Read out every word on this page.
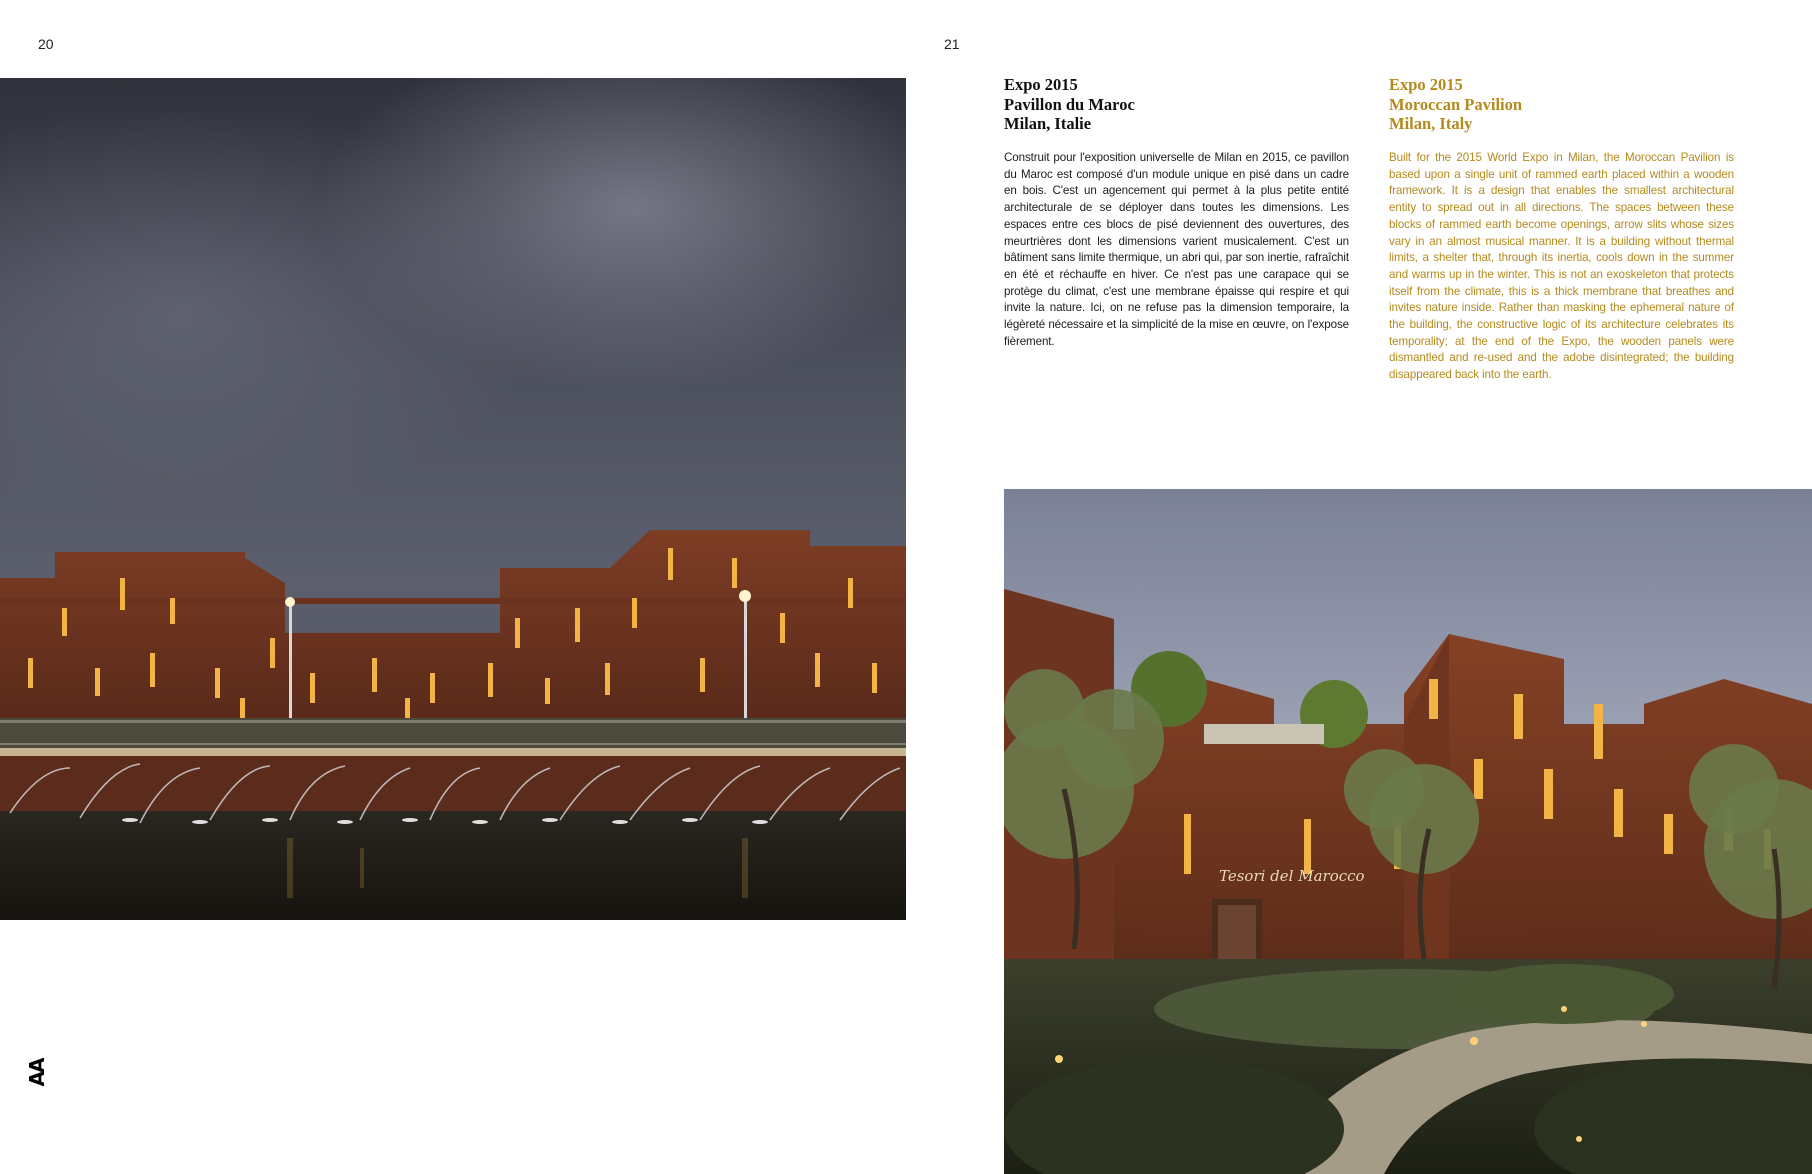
20	21
Expo 2015
Pavillon du Maroc
Milan, Italie
Construit pour l'exposition universelle de Milan en 2015, ce pavillon du Maroc est composé d'un module unique en pisé dans un cadre en bois. C'est un agencement qui permet à la plus petite entité architecturale de se déployer dans toutes les dimensions. Les espaces entre ces blocs de pisé deviennent des ouvertures, des meurtrières dont les dimensions varient musicalement. C'est un bâtiment sans limite thermique, un abri qui, par son inertie, rafraîchit en été et réchauffe en hiver. Ce n'est pas une carapace qui se protège du climat, c'est une membrane épaisse qui respire et qui invite la nature. Ici, on ne refuse pas la dimension temporaire, la légèreté nécessaire et la simplicité de la mise en œuvre, on l'expose fièrement.
Expo 2015
Moroccan Pavilion
Milan, Italy
Built for the 2015 World Expo in Milan, the Moroccan Pavilion is based upon a single unit of rammed earth placed within a wooden framework. It is a design that enables the smallest architectural entity to spread out in all directions. The spaces between these blocks of rammed earth become openings, arrow slits whose sizes vary in an almost musical manner. It is a building without thermal limits, a shelter that, through its inertia, cools down in the summer and warms up in the winter. This is not an exoskeleton that protects itself from the climate, this is a thick membrane that breathes and invites nature inside. Rather than masking the ephemeral nature of the building, the constructive logic of its architecture celebrates its temporality; at the end of the Expo, the wooden panels were dismantled and re-used and the adobe disintegrated; the building disappeared back into the earth.
Tesori del Marocco
AA
